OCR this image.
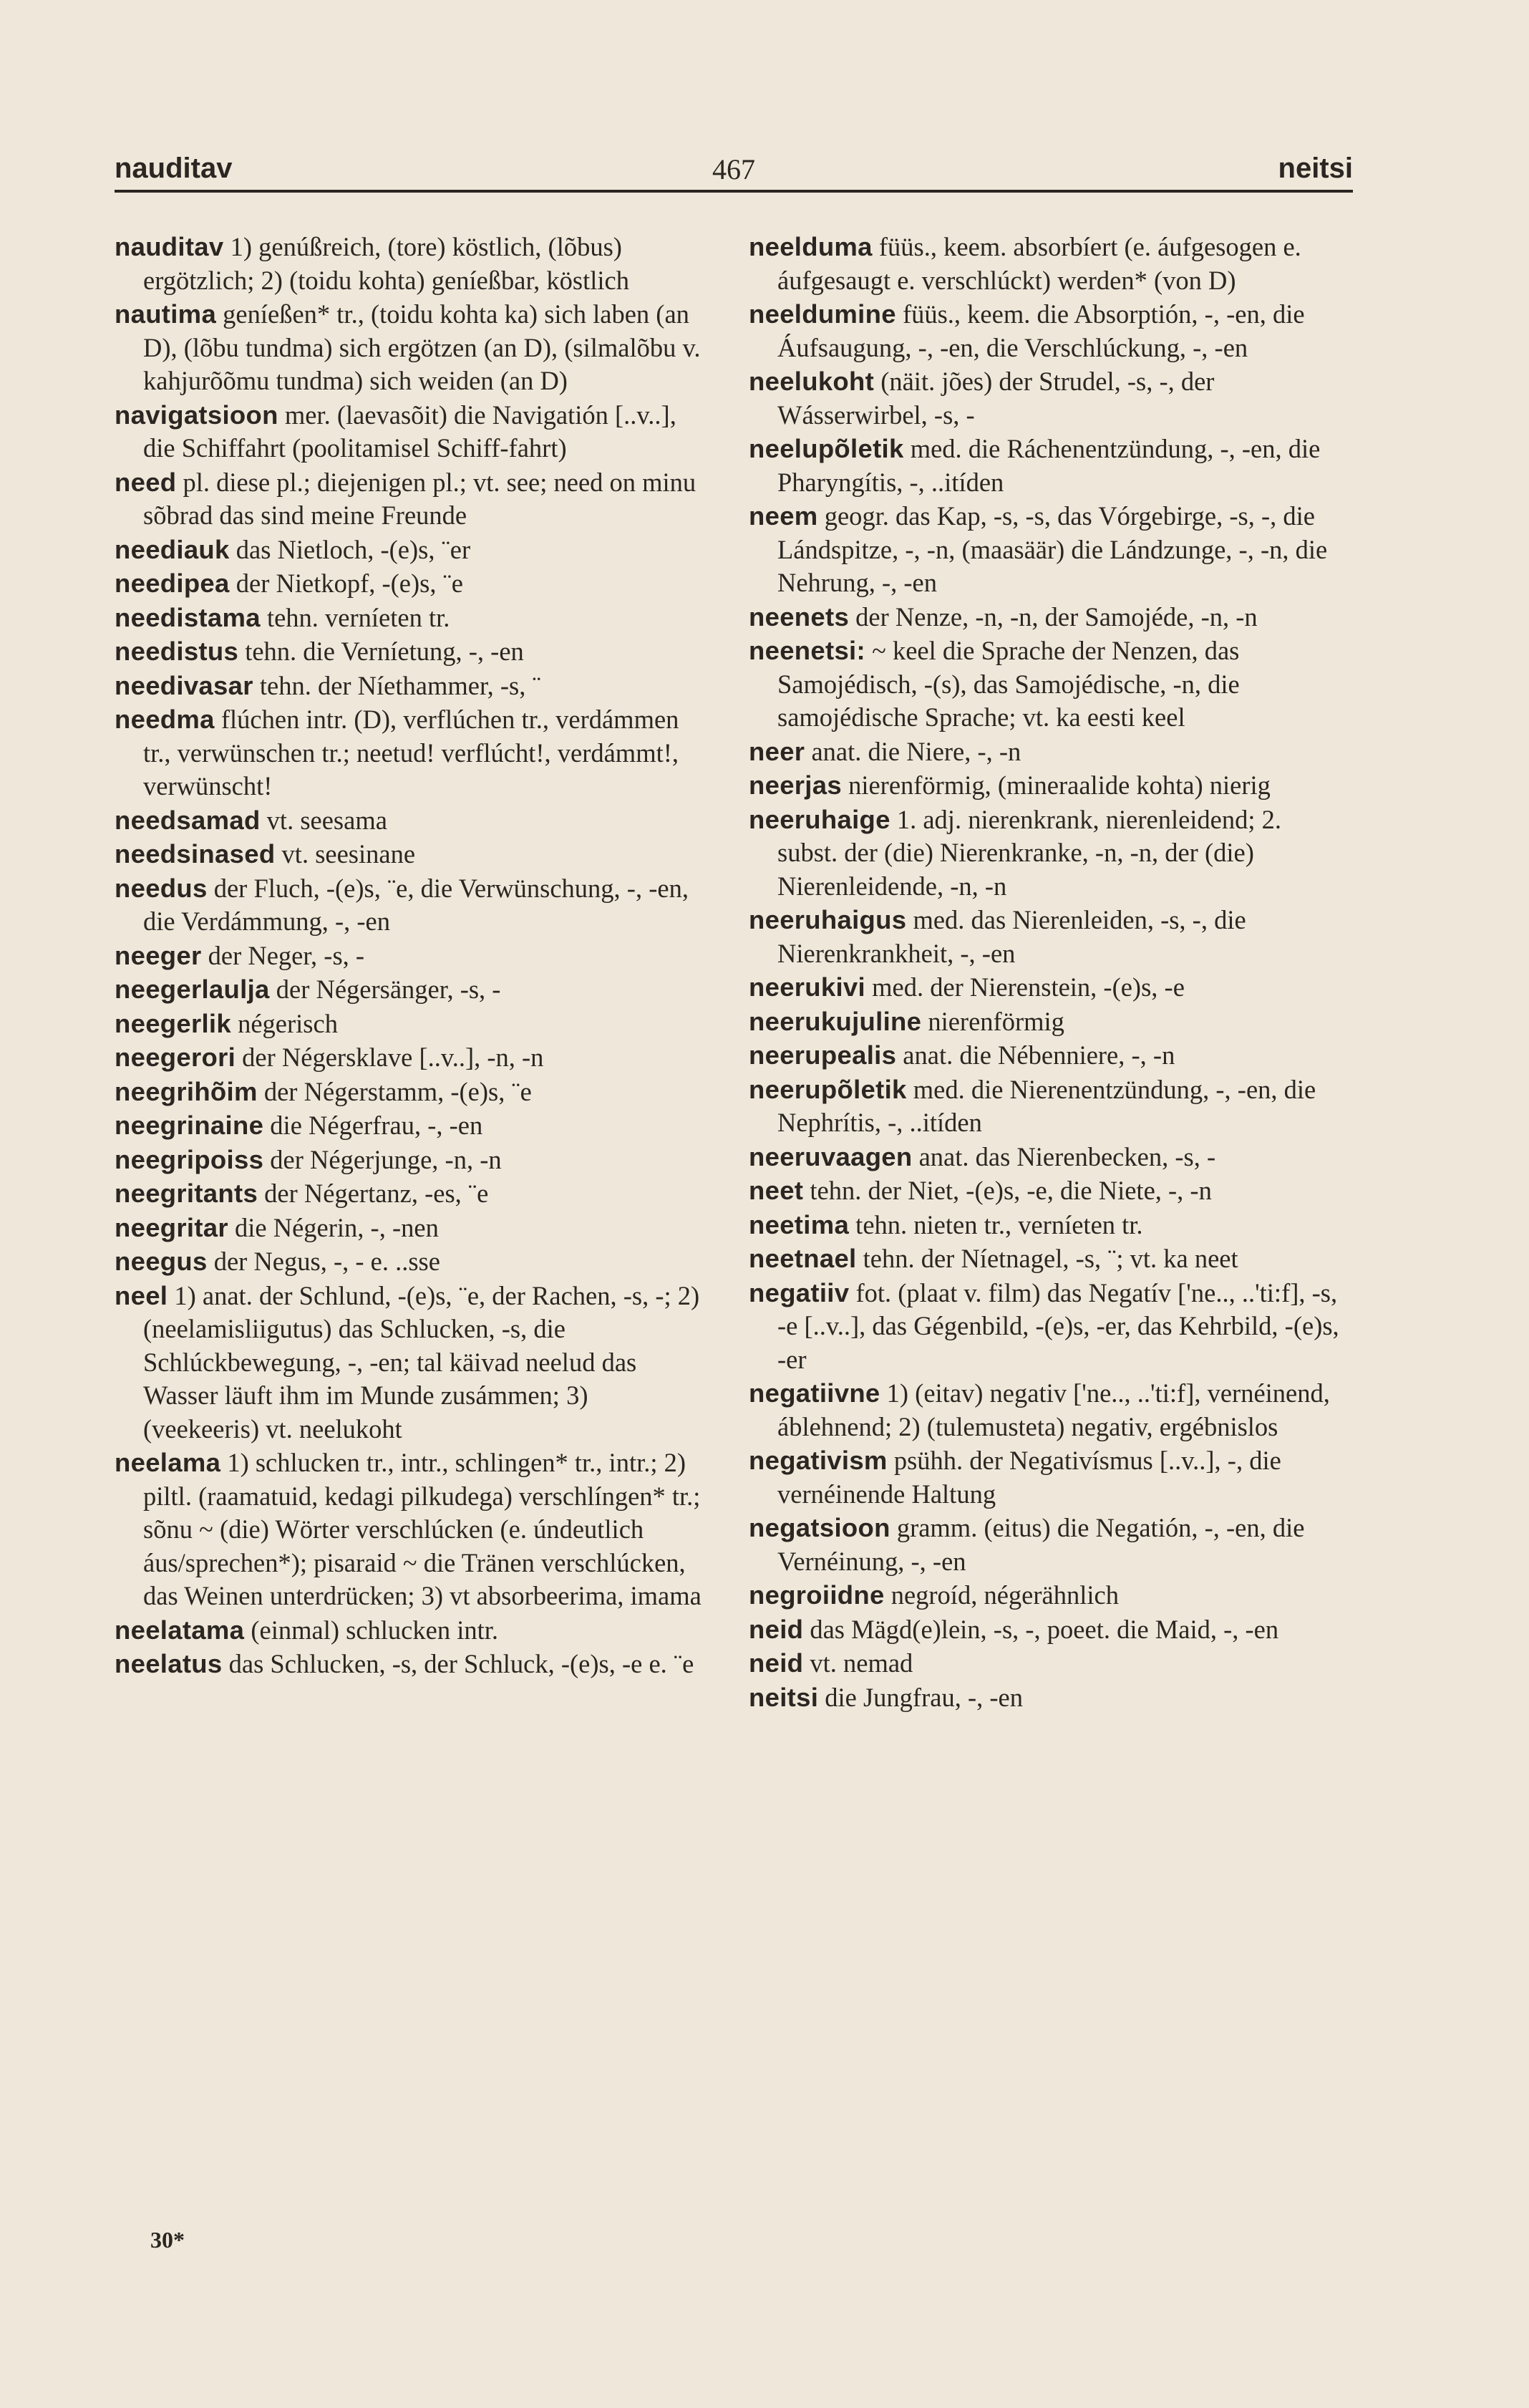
nauditav	467	neitsi

nauditav 1) genúßreich, (tore) köstlich, (lõbus) ergötzlich; 2) (toidu kohta) geníeßbar, köstlich

nautima geníeßen* tr., (toidu kohta ka) sich laben (an D), (lõbu tundma) sich ergötzen (an D), (silmalõbu v. kahjurõõmu tundma) sich weiden (an D)

navigatsioon mer. (laevasõit) die Navigatión [..v..], die Schiffahrt (poolitamisel Schiff-fahrt)

need pl. diese pl.; diejenigen pl.; vt. see; need on minu sõbrad das sind meine Freunde

needіauk das Nietloch, -(e)s, ¨er

needipea der Nietkopf, -(e)s, ¨e

needistama tehn. verníeten tr.

needistus tehn. die Verníetung, -, -en

needivasar tehn. der Níethammer, -s, ¨

needma flúchen intr. (D), verflúchen tr., verdámmen tr., verwünschen tr.; neetud! verflúcht!, verdámmt!, verwünscht!

needsamad vt. seesama

needsinased vt. seesinane

needus der Fluch, -(e)s, ¨e, die Verwünschung, -, -en, die Verdámmung, -, -en

neeger der Neger, -s, -

neegerlaulja der Négersänger, -s, -

neegerlik négerisch

neegerori der Négersklave [..v..], -n, -n

neegrihõim der Négerstamm, -(e)s, ¨e

neegrinaine die Négerfrau, -, -en

neegripoiss der Négerjunge, -n, -n

neegritants der Négertanz, -es, ¨e

neegritar die Négerin, -, -nen

neegus der Negus, -, - e. ..sse

neel 1) anat. der Schlund, -(e)s, ¨e, der Rachen, -s, -; 2) (neelamisliigutus) das Schlucken, -s, die Schlúckbewegung, -, -en; tal käivad neelud das Wasser läuft ihm im Munde zusámmen; 3) (veekeeris) vt. neelukoht

neelama 1) schlucken tr., intr., schlingen* tr., intr.; 2) piltl. (raamatuid, kedagi pilkudega) verschlíngen* tr.; sõnu ~ (die) Wörter verschlúcken (e. úndeutlich áus/sprechen*); pisaraid ~ die Tränen verschlúcken, das Weinen unterdrücken; 3) vt absorbeerima, imama

neelatama (einmal) schlucken intr.

neelatus das Schlucken, -s, der Schluck, -(e)s, -e e. ¨e

neelduma füüs., keem. absorbíert (e. áufgesogen e. áufgesaugt e. verschlúckt) werden* (von D)

neeldumine füüs., keem. die Absorptión, -, -en, die Áufsaugung, -, -en, die Verschlúckung, -, -en

neelukoht (näit. jões) der Strudel, -s, -, der Wásserwirbel, -s, -

neelupõletik med. die Ráchenentzündung, -, -en, die Pharyngítis, -, ..itíden

neem geogr. das Kap, -s, -s, das Vórgebirge, -s, -, die Lándspitze, -, -n, (maasäär) die Lándzunge, -, -n, die Nehrung, -, -en

neenets der Nenze, -n, -n, der Samojéde, -n, -n

neenetsi: ~ keel die Sprache der Nenzen, das Samojédisch, -(s), das Samojédische, -n, die samojédische Sprache; vt. ka eesti keel

neer anat. die Niere, -, -n

neerjas nierenförmig, (mineraalide kohta) nierig

neeruhaige 1. adj. nierenkrank, nierenleidend; 2. subst. der (die) Nierenkranke, -n, -n, der (die) Nierenleidende, -n, -n

neeruhaigus med. das Nierenleiden, -s, -, die Nierenkrankheit, -, -en

neerukivi med. der Nierenstein, -(e)s, -e

neerukujuline nierenförmig

neerupealis anat. die Nébenniere, -, -n

neerupõletik med. die Nierenentzündung, -, -en, die Nephrítis, -, ..itíden

neeruvaagen anat. das Nierenbecken, -s, -

neet tehn. der Niet, -(e)s, -e, die Niete, -, -n

neetima tehn. nieten tr., verníeten tr.

neetnael tehn. der Níetnagel, -s, ¨; vt. ka neet

negatiiv fot. (plaat v. film) das Negatív ['ne.., ..'ti:f], -s, -e [..v..], das Gégenbild, -(e)s, -er, das Kehrbild, -(e)s, -er

negatiivne 1) (eitav) negativ ['ne.., ..'ti:f], vernéinend, áblehnend; 2) (tulemusteta) negativ, ergébnislos

negativism psühh. der Negativísmus [..v..], -, die vernéinende Haltung

negatsioon gramm. (eitus) die Negatión, -, -en, die Vernéinung, -, -en

negroiidne negroíd, négerähnlich

neid das Mägd(e)lein, -s, -, poeet. die Maid, -, -en

neid vt. nemad

neitsi die Jungfrau, -, -en

30*
